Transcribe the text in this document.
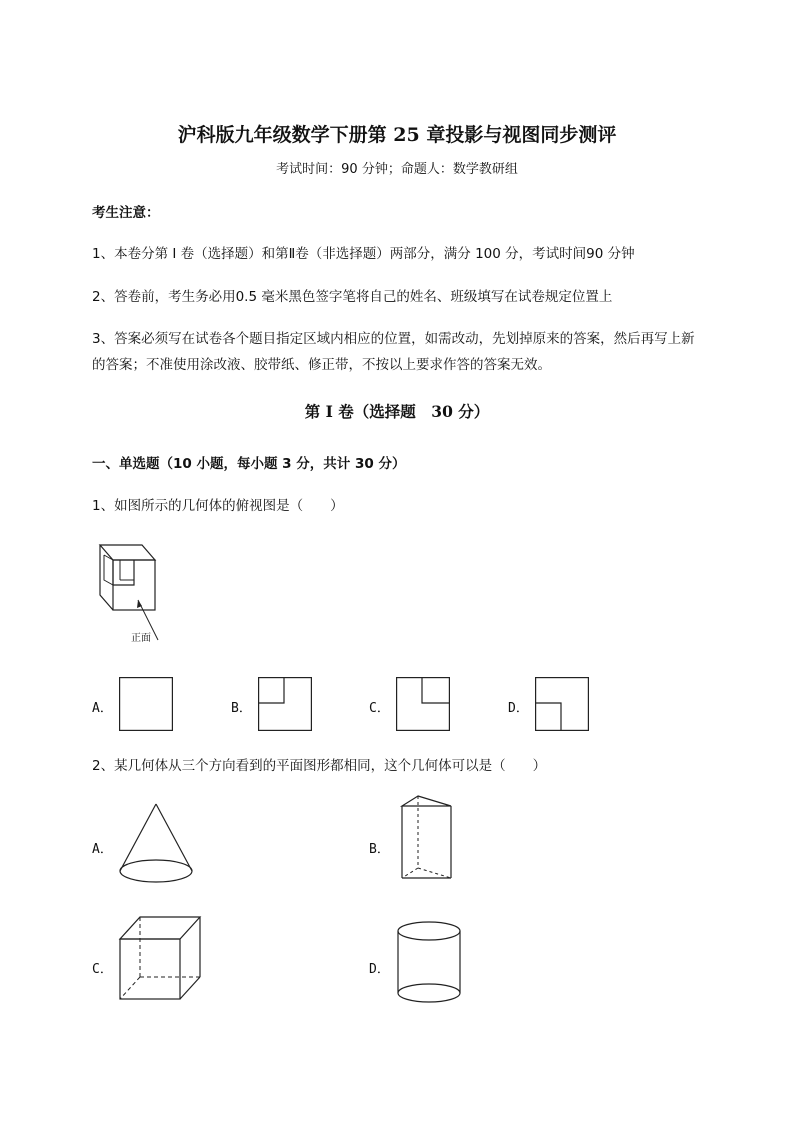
沪科版九年级数学下册第 25 章投影与视图同步测评
考试时间：90 分钟；命题人：数学教研组
考生注意：
1、本卷分第 I 卷（选择题）和第Ⅱ卷（非选择题）两部分，满分 100 分，考试时间90 分钟
2、答卷前，考生务必用0.5 毫米黑色签字笔将自己的姓名、班级填写在试卷规定位置上
3、答案必须写在试卷各个题目指定区域内相应的位置，如需改动，先划掉原来的答案，然后再写上新
的答案；不准使用涂改液、胶带纸、修正带，不按以上要求作答的答案无效。
第 I 卷（选择题　30 分）
一、单选题（10 小题，每小题 3 分，共计 30 分）
1、如图所示的几何体的俯视图是（　　）
正面
A．	B．	C．	D．
2、某几何体从三个方向看到的平面图形都相同，这个几何体可以是（　　）
A．	B．
C．	D．
